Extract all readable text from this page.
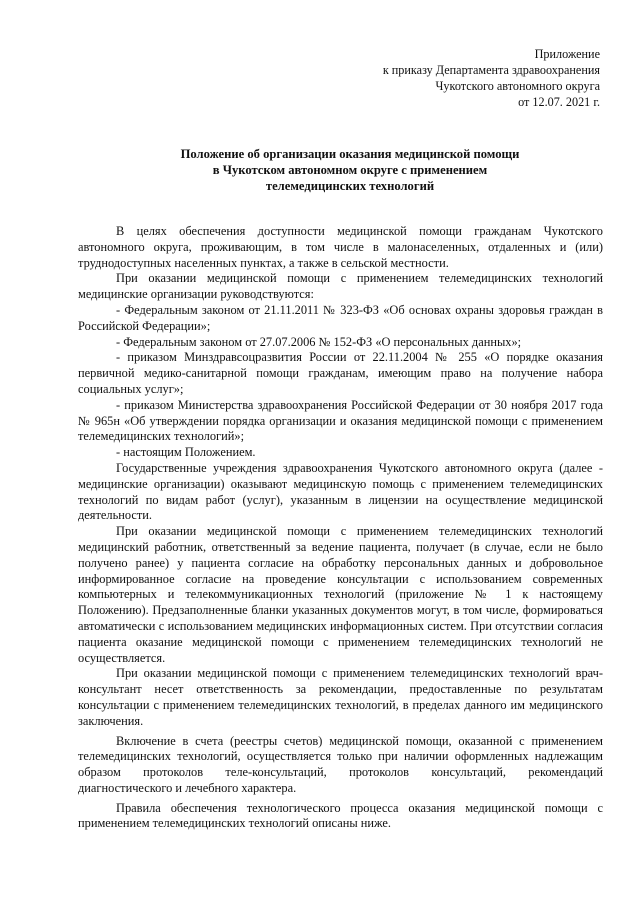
Приложение
к приказу Департамента здравоохранения
Чукотского автономного округа
от 12.07. 2021 г.
Положение об организации оказания медицинской помощи
в Чукотском автономном округе с применением
телемедицинских технологий

В целях обеспечения доступности медицинской помощи гражданам Чукотского автономного округа, проживающим, в том числе в малонаселенных, отдаленных и (или) труднодоступных населенных пунктах, а также в сельской местности.

При оказании медицинской помощи с применением телемедицинских технологий медицинские организации руководствуются:

- Федеральным законом от 21.11.2011 № 323-ФЗ «Об основах охраны здоровья граждан в Российской Федерации»;

- Федеральным законом от 27.07.2006 № 152-ФЗ «О персональных данных»;

- приказом Минздравсоцразвития России от 22.11.2004 № 255 «О порядке оказания первичной медико-санитарной помощи гражданам, имеющим право на получение набора социальных услуг»;

- приказом Министерства здравоохранения Российской Федерации от 30 ноября 2017 года № 965н «Об утверждении порядка организации и оказания медицинской помощи с применением телемедицинских технологий»;

- настоящим Положением.

Государственные учреждения здравоохранения Чукотского автономного округа (далее - медицинские организации) оказывают медицинскую помощь с применением телемедицинских технологий по видам работ (услуг), указанным в лицензии на осуществление медицинской деятельности.

При оказании медицинской помощи с применением телемедицинских технологий медицинский работник, ответственный за ведение пациента, получает (в случае, если не было получено ранее) у пациента согласие на обработку персональных данных и добровольное информированное согласие на проведение консультации с использованием современных компьютерных и телекоммуникационных технологий (приложение № 1 к настоящему Положению). Предзаполненные бланки указанных документов могут, в том числе, формироваться автоматически с использованием медицинских информационных систем. При отсутствии согласия пациента оказание медицинской помощи с применением телемедицинских технологий не осуществляется.

При оказании медицинской помощи с применением телемедицинских технологий врач-консультант несет ответственность за рекомендации, предоставленные по результатам консультации с применением телемедицинских технологий, в пределах данного им медицинского заключения.

Включение в счета (реестры счетов) медицинской помощи, оказанной с применением телемедицинских технологий, осуществляется только при наличии оформленных надлежащим образом протоколов теле-консультаций, протоколов консультаций, рекомендаций диагностического и лечебного характера.

Правила обеспечения технологического процесса оказания медицинской помощи с применением телемедицинских технологий описаны ниже.
